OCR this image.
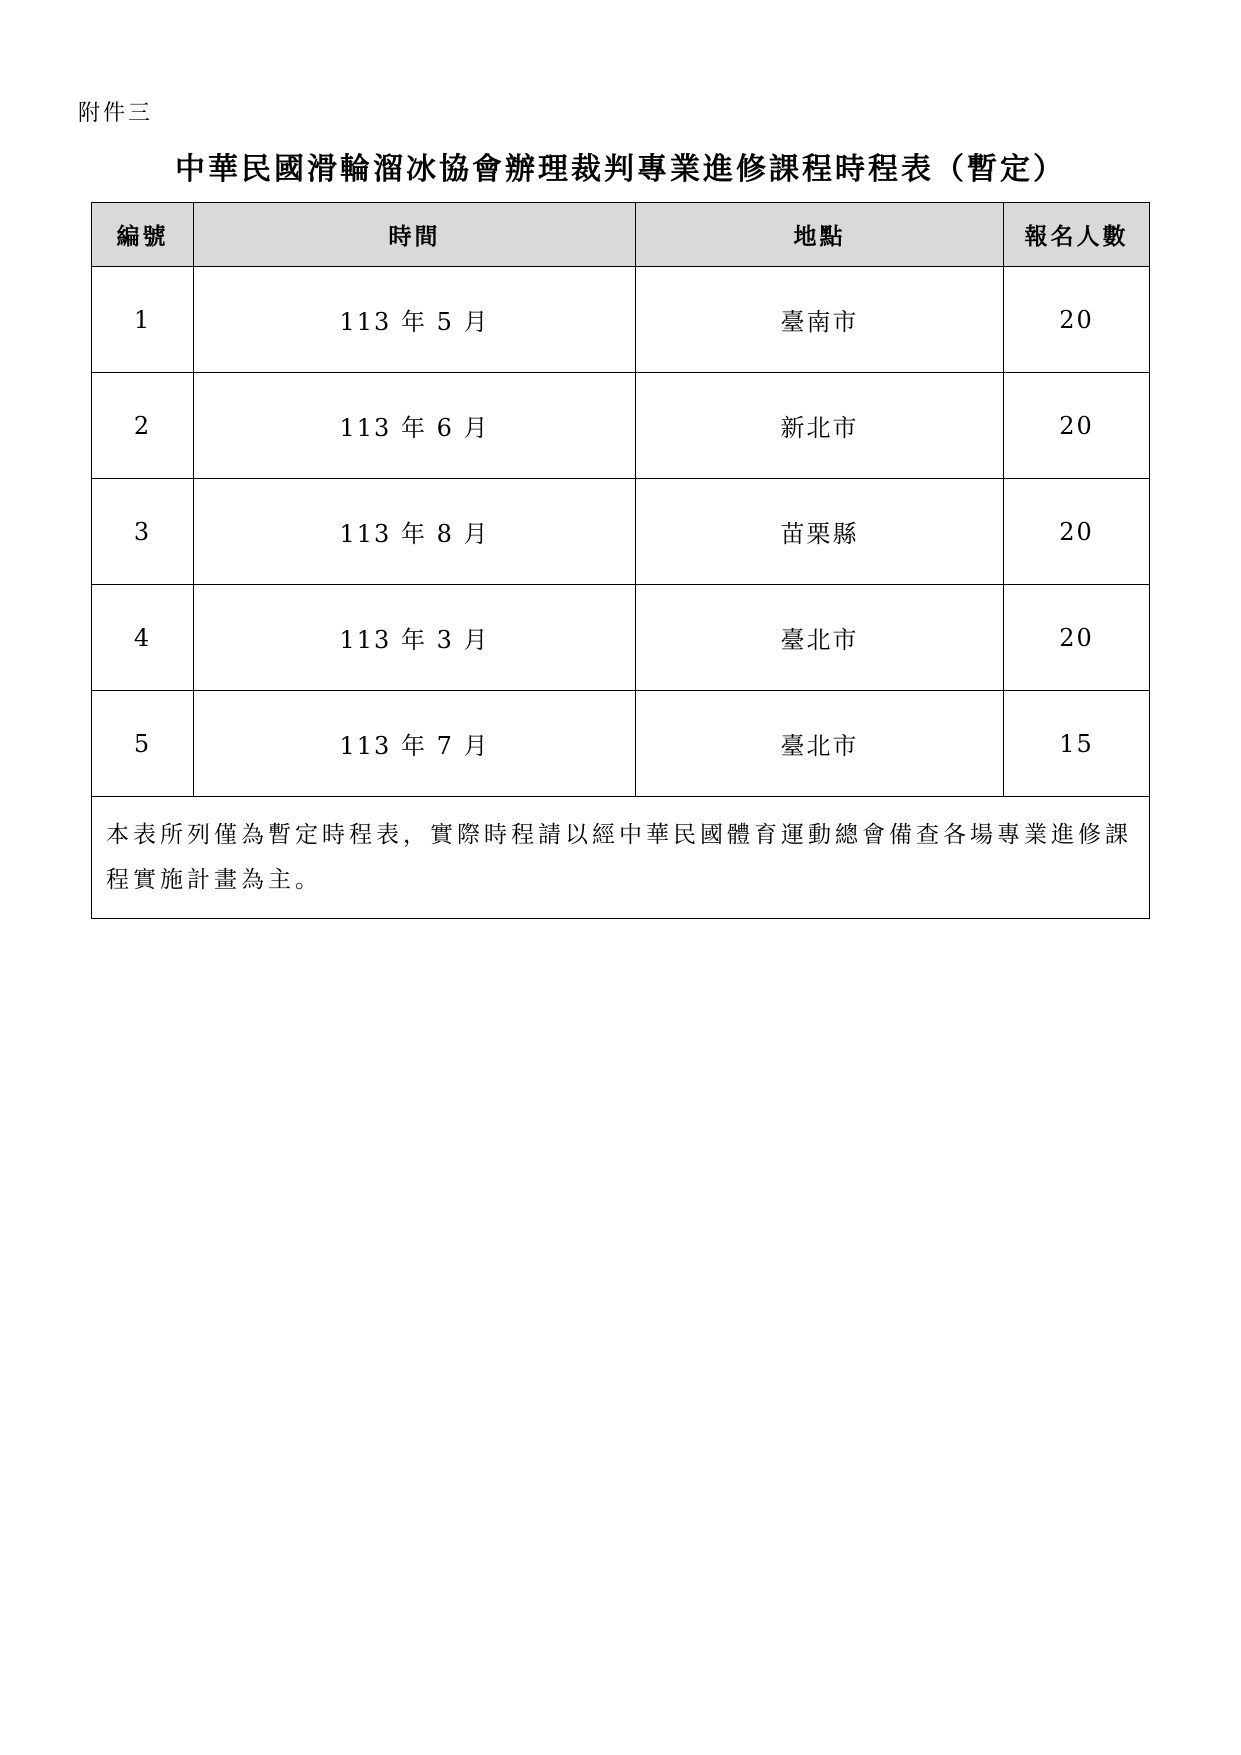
附件三
中華民國滑輪溜冰協會辦理裁判專業進修課程時程表（暫定）
編號	時間	地點	報名人數
1	113 年 5 月	臺南市	20
2	113 年 6 月	新北市	20
3	113 年 8 月	苗栗縣	20
4	113 年 3 月	臺北市	20
5	113 年 7 月	臺北市	15
本表所列僅為暫定時程表，實際時程請以經中華民國體育運動總會備查各場專業進修課程實施計畫為主。			
